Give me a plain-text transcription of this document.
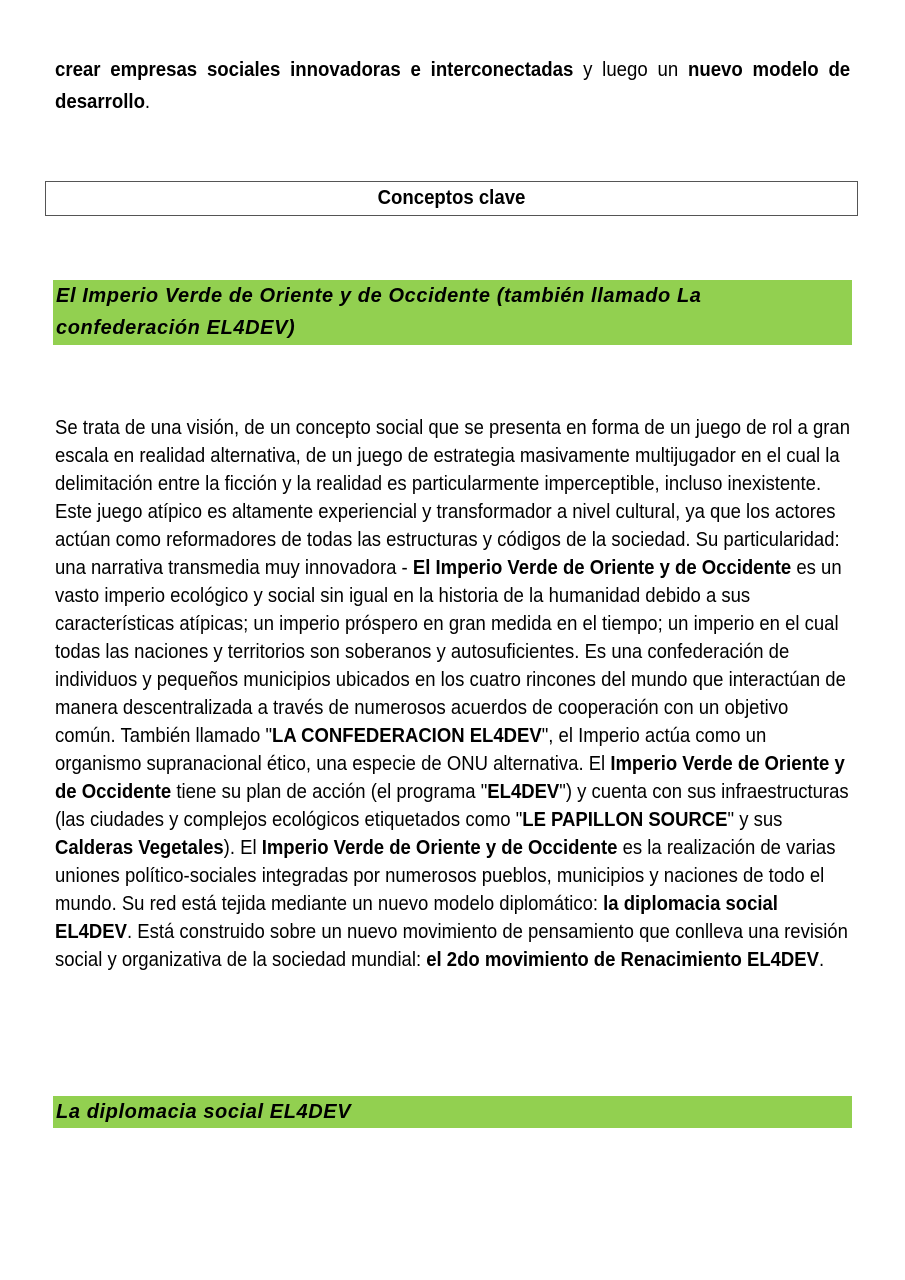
crear empresas sociales innovadoras e interconectadas y luego un nuevo modelo de desarrollo.

Conceptos clave
El Imperio Verde de Oriente y de Occidente (también llamado La confederación EL4DEV)

Se trata de una visión, de un concepto social que se presenta en forma de un juego de rol a gran escala en realidad alternativa, de un juego de estrategia masivamente multijugador en el cual la delimitación entre la ficción y la realidad es particularmente imperceptible, incluso inexistente. Este juego atípico es altamente experiencial y transformador a nivel cultural, ya que los actores actúan como reformadores de todas las estructuras y códigos de la sociedad. Su particularidad: una narrativa transmedia muy innovadora - El Imperio Verde de Oriente y de Occidente es un vasto imperio ecológico y social sin igual en la historia de la humanidad debido a sus características atípicas; un imperio próspero en gran medida en el tiempo; un imperio en el cual todas las naciones y territorios son soberanos y autosuficientes. Es una confederación de individuos y pequeños municipios ubicados en los cuatro rincones del mundo que interactúan de manera descentralizada a través de numerosos acuerdos de cooperación con un objetivo común. También llamado "LA CONFEDERACION EL4DEV", el Imperio actúa como un organismo supranacional ético, una especie de ONU alternativa. El Imperio Verde de Oriente y de Occidente tiene su plan de acción (el programa "EL4DEV") y cuenta con sus infraestructuras (las ciudades y complejos ecológicos etiquetados como "LE PAPILLON SOURCE" y sus Calderas Vegetales). El Imperio Verde de Oriente y de Occidente es la realización de varias uniones político-sociales integradas por numerosos pueblos, municipios y naciones de todo el mundo. Su red está tejida mediante un nuevo modelo diplomático: la diplomacia social EL4DEV. Está construido sobre un nuevo movimiento de pensamiento que conlleva una revisión social y organizativa de la sociedad mundial: el 2do movimiento de Renacimiento EL4DEV.

La diplomacia social EL4DEV
